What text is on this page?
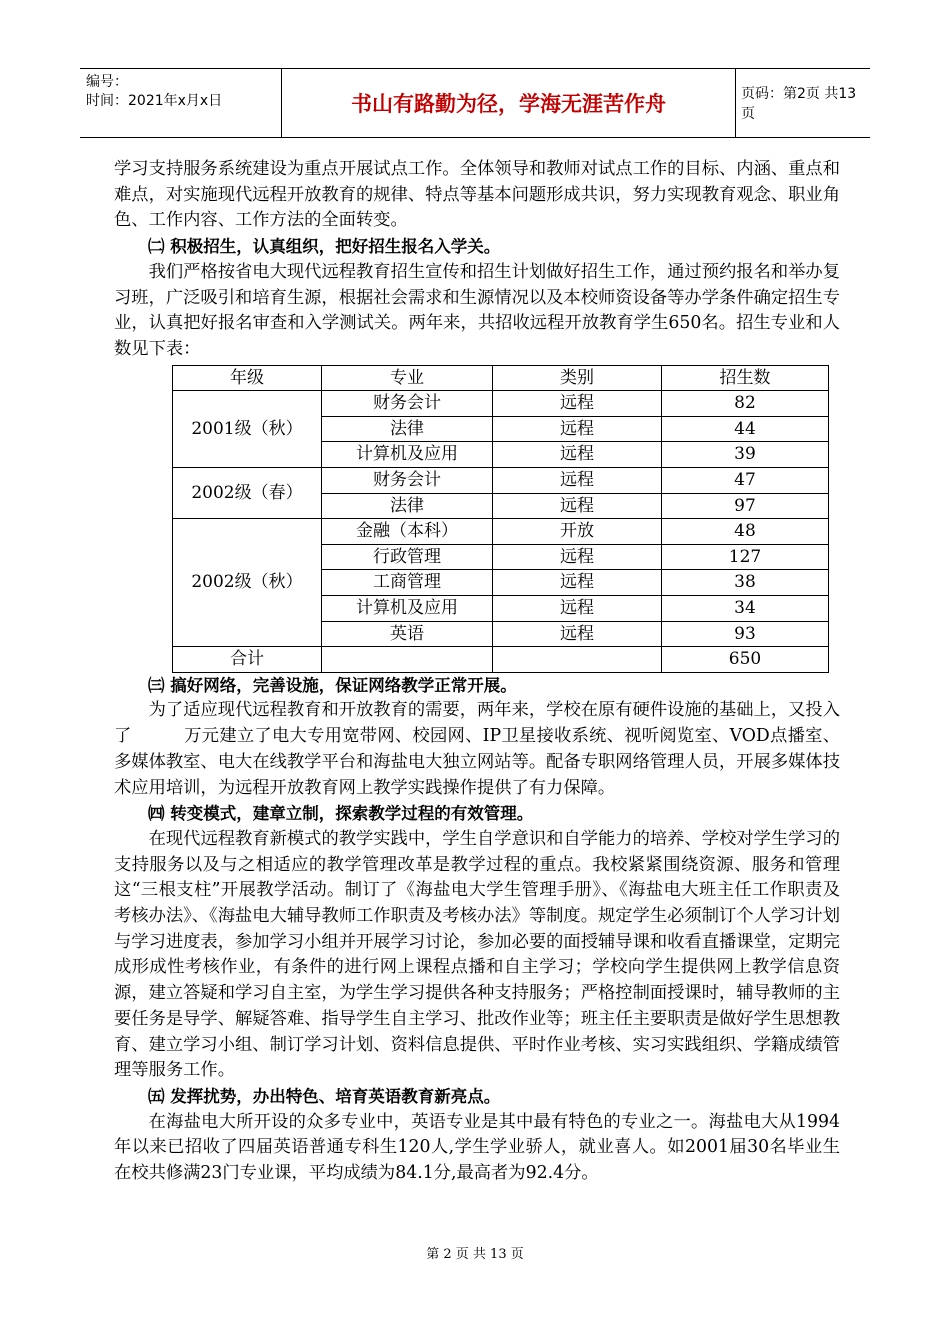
编号：
时间：2021年x月x日	书山有路勤为径，学海无涯苦作舟	页码：第2页 共13页

学习支持服务系统建设为重点开展试点工作。全体领导和教师对试点工作的目标、内涵、重点和难点，对实施现代远程开放教育的规律、特点等基本问题形成共识，努力实现教育观念、职业角色、工作内容、工作方法的全面转变。

㈡ 积极招生，认真组织，把好招生报名入学关。

我们严格按省电大现代远程教育招生宣传和招生计划做好招生工作，通过预约报名和举办复习班，广泛吸引和培育生源，根据社会需求和生源情况以及本校师资设备等办学条件确定招生专业，认真把好报名审查和入学测试关。两年来，共招收远程开放教育学生650名。招生专业和人数见下表：

年级	专业	类别	招生数
2001级（秋）	财务会计	远程	82
	法律	远程	44
	计算机及应用	远程	39
2002级（春）	财务会计	远程	47
	法律	远程	97
2002级（秋）	金融（本科）	开放	48
	行政管理	远程	127
	工商管理	远程	38
	计算机及应用	远程	34
	英语	远程	93
合计			650

㈢ 搞好网络，完善设施，保证网络教学正常开展。

为了适应现代远程教育和开放教育的需要，两年来，学校在原有硬件设施的基础上，又投入了　　　万元建立了电大专用宽带网、校园网、IP卫星接收系统、视听阅览室、VOD点播室、多媒体教室、电大在线教学平台和海盐电大独立网站等。配备专职网络管理人员，开展多媒体技术应用培训，为远程开放教育网上教学实践操作提供了有力保障。

㈣ 转变模式，建章立制，探索教学过程的有效管理。

在现代远程教育新模式的教学实践中，学生自学意识和自学能力的培养、学校对学生学习的支持服务以及与之相适应的教学管理改革是教学过程的重点。我校紧紧围绕资源、服务和管理这“三根支柱”开展教学活动。制订了《海盐电大学生管理手册》、《海盐电大班主任工作职责及考核办法》、《海盐电大辅导教师工作职责及考核办法》等制度。规定学生必须制订个人学习计划与学习进度表，参加学习小组并开展学习讨论，参加必要的面授辅导课和收看直播课堂，定期完成形成性考核作业，有条件的进行网上课程点播和自主学习；学校向学生提供网上教学信息资源，建立答疑和学习自主室，为学生学习提供各种支持服务；严格控制面授课时，辅导教师的主要任务是导学、解疑答难、指导学生自主学习、批改作业等；班主任主要职责是做好学生思想教育、建立学习小组、制订学习计划、资料信息提供、平时作业考核、实习实践组织、学籍成绩管理等服务工作。

㈤ 发挥扰势，办出特色、培育英语教育新亮点。

在海盐电大所开设的众多专业中，英语专业是其中最有特色的专业之一。海盐电大从1994年以来已招收了四届英语普通专科生120人,学生学业骄人，就业喜人。如2001届30名毕业生在校共修满23门专业课，平均成绩为84.1分,最高者为92.4分。

第 2 页 共 13 页
